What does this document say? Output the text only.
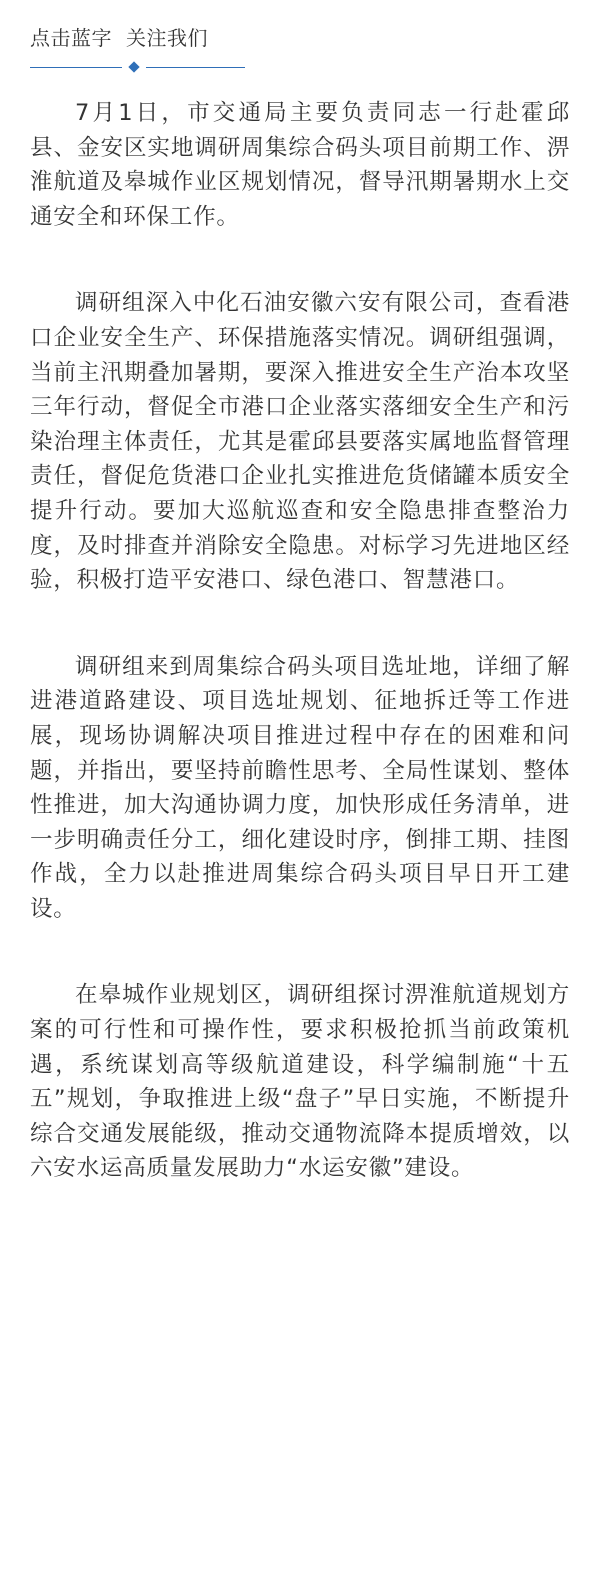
点击蓝字 关注我们

7月1日，市交通局主要负责同志一行赴霍邱县、金安区实地调研周集综合码头项目前期工作、淠淮航道及皋城作业区规划情况，督导汛期暑期水上交通安全和环保工作。

调研组深入中化石油安徽六安有限公司，查看港口企业安全生产、环保措施落实情况。调研组强调，当前主汛期叠加暑期，要深入推进安全生产治本攻坚三年行动，督促全市港口企业落实落细安全生产和污染治理主体责任，尤其是霍邱县要落实属地监督管理责任，督促危货港口企业扎实推进危货储罐本质安全提升行动。要加大巡航巡查和安全隐患排查整治力度，及时排查并消除安全隐患。对标学习先进地区经验，积极打造平安港口、绿色港口、智慧港口。

调研组来到周集综合码头项目选址地，详细了解进港道路建设、项目选址规划、征地拆迁等工作进展，现场协调解决项目推进过程中存在的困难和问题，并指出，要坚持前瞻性思考、全局性谋划、整体性推进，加大沟通协调力度，加快形成任务清单，进一步明确责任分工，细化建设时序，倒排工期、挂图作战，全力以赴推进周集综合码头项目早日开工建设。

在皋城作业规划区，调研组探讨淠淮航道规划方案的可行性和可操作性，要求积极抢抓当前政策机遇，系统谋划高等级航道建设，科学编制施“十五五”规划，争取推进上级“盘子”早日实施，不断提升综合交通发展能级，推动交通物流降本提质增效，以六安水运高质量发展助力“水运安徽”建设。
